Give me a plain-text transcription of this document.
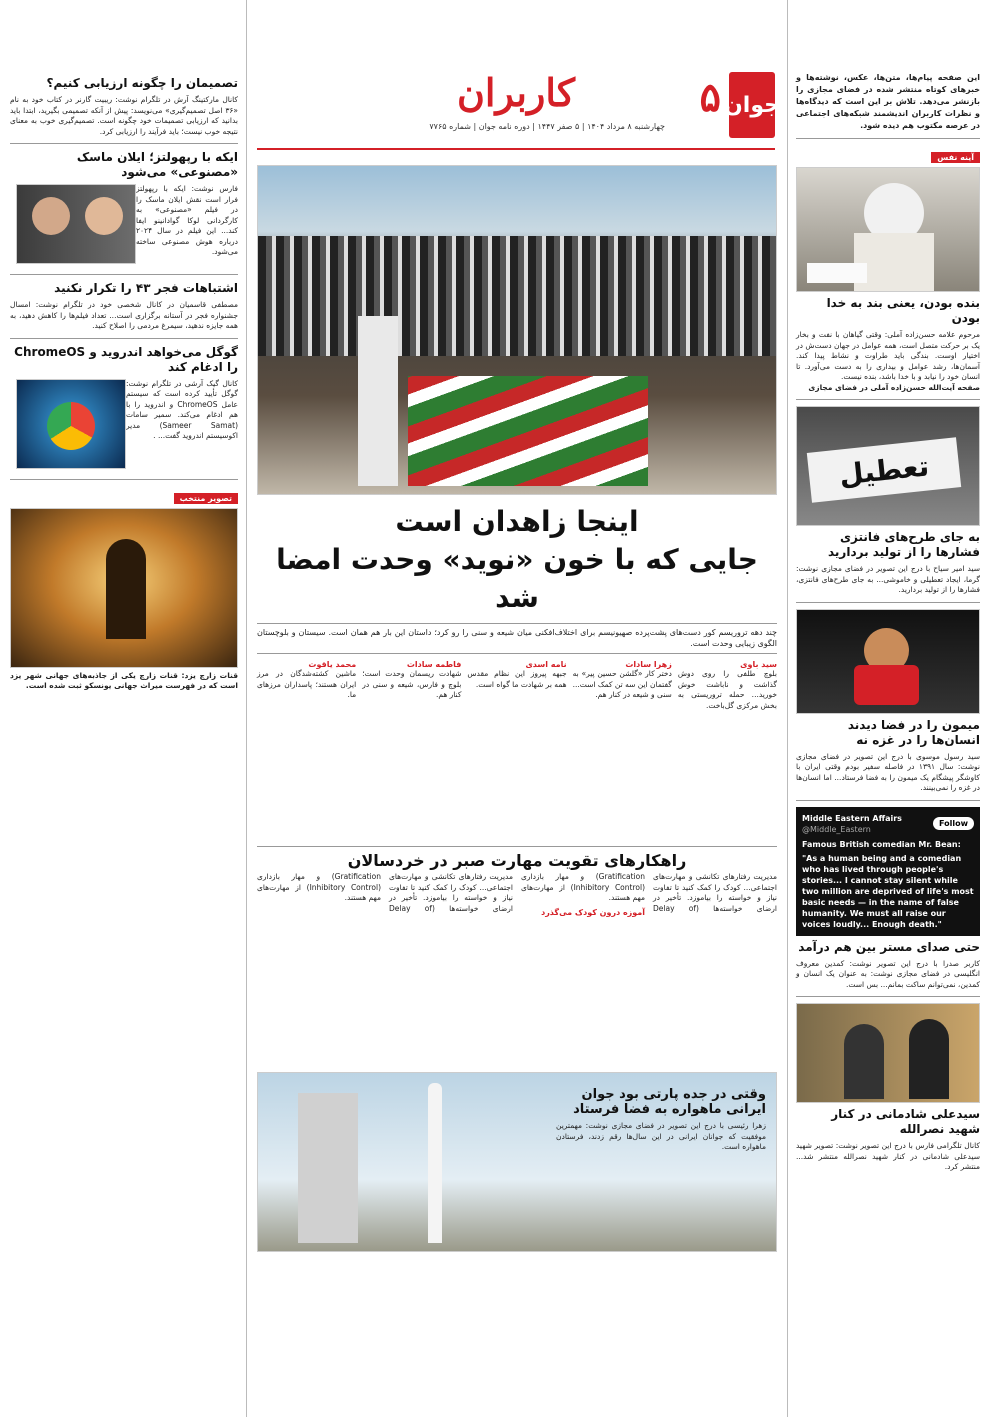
جوان
۵
کاربران
چهارشنبه ۸ مرداد ۱۴۰۴ | ۵ صفر ۱۴۴۷ | دوره نامه جوان | شماره ۷۷۶۵

این صفحه پیام‌ها، متن‌ها، عکس، نوشته‌ها و خبرهای کوتاه منتشر شده در فضای مجازی را بازنشر می‌دهد. تلاش بر این است که دیدگاه‌ها و نظرات کاربران اندیشمند شبکه‌های اجتماعی در عرصه مکتوب هم دیده شود.

آینه نفس
بنده بودن، یعنی بند به خدا بودن

مرحوم علامه حسن‌زاده آملی: وقتی گیاهان با نفت و بخار یک بر حرکت متصل است، همه عوامل در جهان دست‌ش در اختیار اوست. بندگی باید طراوت و نشاط پیدا کند. آسمان‌ها، رشد عوامل و بیداری را به دست می‌آورد. تا انسان خود را نیابد و با خدا باشد، بنده نیست.

صفحه آیت‌الله حسن‌زاده آملی در فضای مجازی

تعطیل
به جای طرح‌های فانتزی فشارها را از تولید بردارید

سید امیر سیاح با درج این تصویر در فضای مجازی نوشت: گرما، ایجاد تعطیلی و خاموشی... به جای طرح‌های فانتزی، فشارها را از تولید بردارید.

میمون را در فضا دیدند انسان‌ها را در غزه نه

سید رسول موسوی با درج این تصویر در فضای مجازی نوشت: سال ۱۳۹۱ در فاصله سفیر بودم وقتی ایران با کاوشگر پیشگام یک میمون را به فضا فرستاد... اما انسان‌ها در غزه را نمی‌بینند.

Middle Eastern Affairs
@Middle_Eastern
Follow
Famous British comedian Mr. Bean:

"As a human being and a comedian who has lived through people's stories... I cannot stay silent while two million are deprived of life's most basic needs — in the name of false humanity. We must all raise our voices loudly... Enough death."

حتی صدای مستر بین هم درآمد

کاربر صدرا با درج این تصویر نوشت: کمدین معروف انگلیسی در فضای مجازی نوشت: به عنوان یک انسان و کمدین، نمی‌توانم ساکت بمانم... بس است.

سیدعلی شادمانی در کنار شهید نصرالله

کانال تلگرامی فارس با درج این تصویر نوشت: تصویر شهید سیدعلی شادمانی در کنار شهید نصرالله منتشر شد... منتشر کرد.

اینجا زاهدان است
جایی که با خون «نوید» وحدت امضا شد

چند دهه تروریسم کور دست‌های پشت‌پرده صهیونیسم برای اختلاف‌افکنی میان شیعه و سنی را رو کرد؛ داستان این بار هم همان است. سیستان و بلوچستان الگوی زیبایی وحدت است.

سید باوی

بلوچ طلفی را روی دوش گذاشت و ناباشت خوش خورید... حمله تروریستی به بخش مرکزی گل‌باخت.

زهرا سادات

دختر کار «گلشن حسین پیر» به گفتمان این سه تن کمک است... سنی و شیعه در کنار هم.

نامه اسدی

جبهه پیروز این نظام مقدس همه بر شهادت ما گواه است.

فاطمه سادات

شهادت ریسمان وحدت است؛ بلوچ و فارس، شیعه و سنی در کنار هم.

محمد یاقوت

ماشین کشته‌شدگان در مرز ایران هستند؛ پاسداران مرزهای ما.

راهکارهای تقویت مهارت صبر در خردسالان

مدیریت رفتارهای تکانشی و مهارت‌های اجتماعی... کودک را کمک کنید تا تفاوت نیاز و خواسته را بیاموزد. تأخیر در ارضای خواسته‌ها (Delay of Gratification) و مهار بازداری (Inhibitory Control) از مهارت‌های مهم هستند.

آموزه درون کودک می‌گذرد

مدیریت رفتارهای تکانشی و مهارت‌های اجتماعی... کودک را کمک کنید تا تفاوت نیاز و خواسته را بیاموزد. تأخیر در ارضای خواسته‌ها (Delay of Gratification) و مهار بازداری (Inhibitory Control) از مهارت‌های مهم هستند.

وقتی در جده پارتی بود جوان ایرانی ماهواره به فضا فرستاد

زهرا رئیسی با درج این تصویر در فضای مجازی نوشت: مهمترین موفقیت که جوانان ایرانی در این سال‌ها رقم زدند، فرستادن ماهواره است.

تصمیمان را چگونه ارزیابی کنیم؟

کانال مارکتینگ آرش در تلگرام نوشت: ریبیت گارنر در کتاب خود به نام «۳۶ اصل تصمیم‌گیری» می‌نویسد: پیش از آنکه تصمیمی بگیرید، ابتدا باید بدانید که ارزیابی تصمیمات خود چگونه است. تصمیم‌گیری خوب به معنای نتیجه خوب نیست؛ باید فرآیند را ارزیابی کرد.

ایکه با رپهولتز؛ ایلان ماسک «مصنوعی» می‌شود

فارس نوشت: ایکه با رپهولتز فرار است نقش ایلان ماسک را در فیلم «مصنوعی» به کارگردانی لوکا گوادانینو ایفا کند... این فیلم در سال ۲۰۲۴ درباره هوش مصنوعی ساخته می‌شود.

اشتباهات فجر ۴۳ را تکرار نکنید

مصطفی قاسمیان در کانال شخصی خود در تلگرام نوشت: امسال جشنواره فجر در آستانه برگزاری است... تعداد فیلم‌ها را کاهش دهید، به همه جایزه ندهید، سیمرغ مردمی را اصلاح کنید.

گوگل می‌خواهد اندروید و ChromeOS را ادغام کند

کانال گیک آرشی در تلگرام نوشت: گوگل تأیید کرده است که سیستم عامل ChromeOS و اندروید را با هم ادغام می‌کند. سمیر سامات (Sameer Samat) مدیر اکوسیستم اندروید گفت... .

تصویر منتخب

قنات زارچ یزد: قنات زارچ یکی از جاذبه‌های جهانی شهر یزد است که در فهرست میراث جهانی یونسکو ثبت شده است.
